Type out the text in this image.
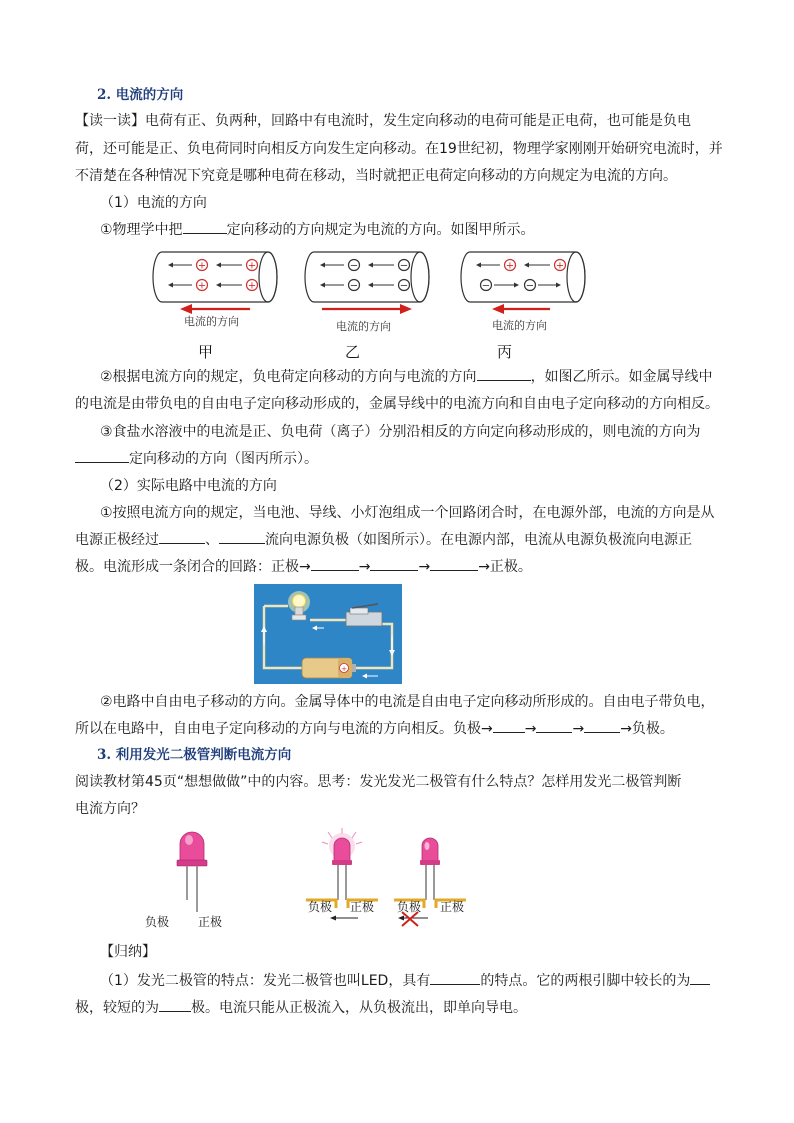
2. 电流的方向
【读一读】电荷有正、负两种，回路中有电流时，发生定向移动的电荷可能是正电荷，也可能是负电
荷，还可能是正、负电荷同时向相反方向发生定向移动。在19世纪初，物理学家刚刚开始研究电流时，并
不清楚在各种情况下究竟是哪种电荷在移动，当时就把正电荷定向移动的方向规定为电流的方向。
（1）电流的方向
①物理学中把	定向移动的方向规定为电流的方向。如图甲所示。
+	+
+	+
−	−
−	−
+	+
−	−
电流的方向	电流的方向	电流的方向
甲	乙	丙
②根据电流方向的规定，负电荷定向移动的方向与电流的方向	，如图乙所示。如金属导线中
的电流是由带负电的自由电子定向移动形成的，金属导线中的电流方向和自由电子定向移动的方向相反。
③食盐水溶液中的电流是正、负电荷（离子）分别沿相反的方向定向移动形成的，则电流的方向为
定向移动的方向（图丙所示）。
（2）实际电路中电流的方向
①按照电流方向的规定，当电池、导线、小灯泡组成一个回路闭合时，在电源外部，电流的方向是从
电源正极经过	、	流向电源负极（如图所示）。在电源内部，电流从电源负极流向电源正
极。电流形成一条闭合的回路：正极→	→	→	→正极。
+
②电路中自由电子移动的方向。金属导体中的电流是自由电子定向移动所形成的。自由电子带负电，
所以在电路中，自由电子定向移动的方向与电流的方向相反。负极→ →	→	→负极。
3. 利用发光二极管判断电流方向
阅读教材第45页“想想做做”中的内容。思考：发光发光二极管有什么特点？怎样用发光二极管判断
电流方向？
负极 正极
负极 正极 负极 正极
【归纳】
（1）发光二极管的特点：发光二极管也叫LED，具有	的特点。它的两根引脚中较长的为
极，较短的为 极。电流只能从正极流入，从负极流出，即单向导电。
